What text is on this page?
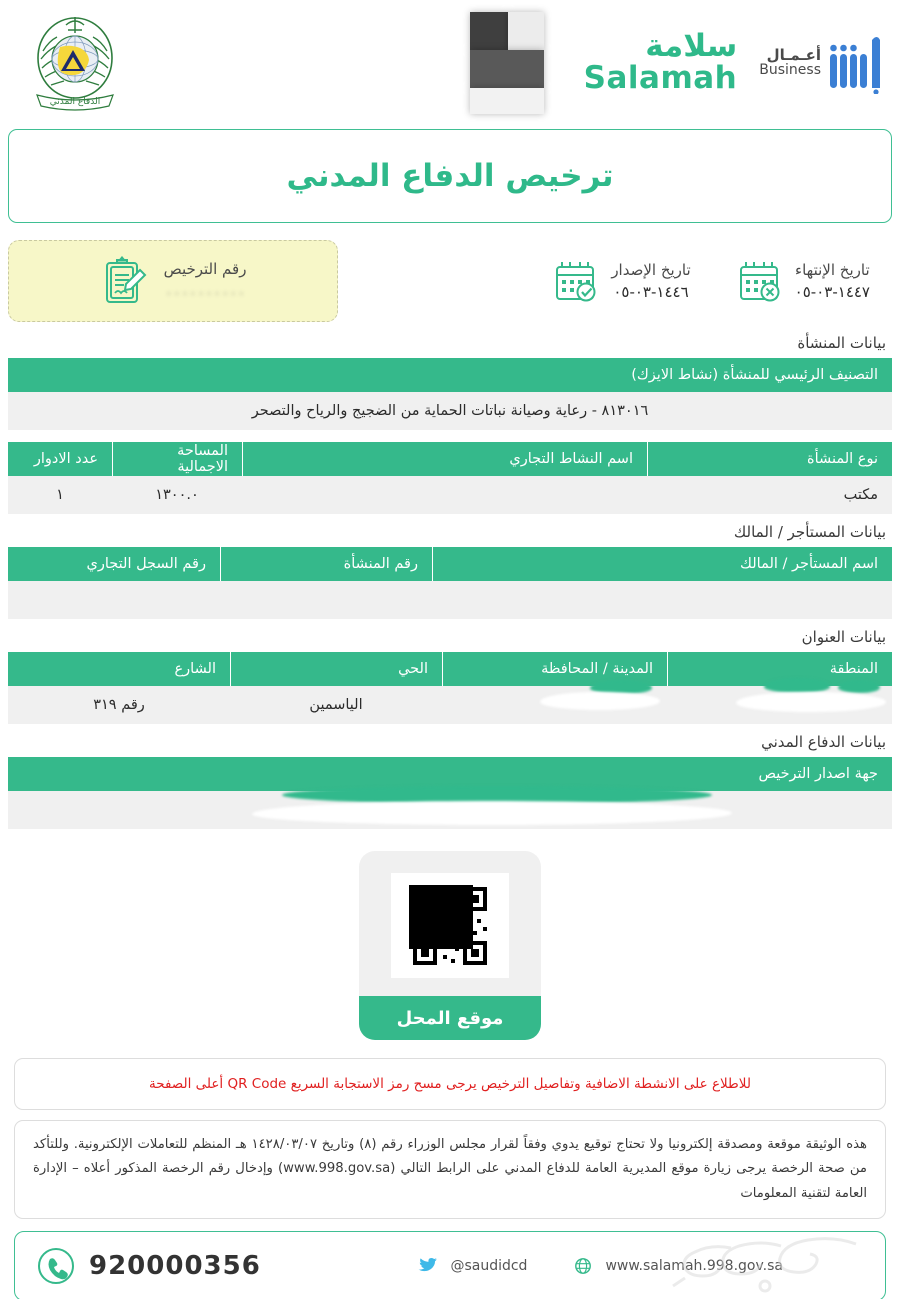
الدفاع المدني
سلامة
Salamah
أعـمـال
Business
ترخيص الدفاع المدني
تاريخ الإنتهاء
١٤٤٧-٠٣-٠٥
تاريخ الإصدار
١٤٤٦-٠٣-٠٥
رقم الترخيص
٠٠٠٠٠٠٠٠٠٠
بيانات المنشأة
التصنيف الرئيسي للمنشأة (نشاط الايزك)
٨١٣٠١٦ - رعاية وصيانة نباتات الحماية من الضجيج والرياح والتصحر
نوع المنشأة
اسم النشاط التجاري
المساحة الاجمالية
عدد الادوار
مكتب
١٣٠٠.٠
١
بيانات المستأجر / المالك
اسم المستأجر / المالك
رقم المنشأة
رقم السجل التجاري
بيانات العنوان
المنطقة
المدينة / المحافظة
الحي
الشارع
الياسمين
رقم ٣١٩
بيانات الدفاع المدني
جهة اصدار الترخيص
موقع المحل
للاطلاع على الانشطة الاضافية وتفاصيل الترخيص يرجى مسح رمز الاستجابة السريع QR Code أعلى الصفحة

هذه الوثيقة موقعة ومصدقة إلكترونيا ولا تحتاج توقيع يدوي وفقاً لقرار مجلس الوزراء رقم (٨) وتاريخ ١٤٢٨/٠٣/٠٧ هـ المنظم للتعاملات الإلكترونية. وللتأكد من صحة الرخصة يرجى زيارة موقع المديرية العامة للدفاع المدني على الرابط التالي (www.998.gov.sa) وإدخال رقم الرخصة المذكور أعلاه – الإدارة العامة لتقنية المعلومات

920000356	@saudidcd	www.salamah.998.gov.sa
